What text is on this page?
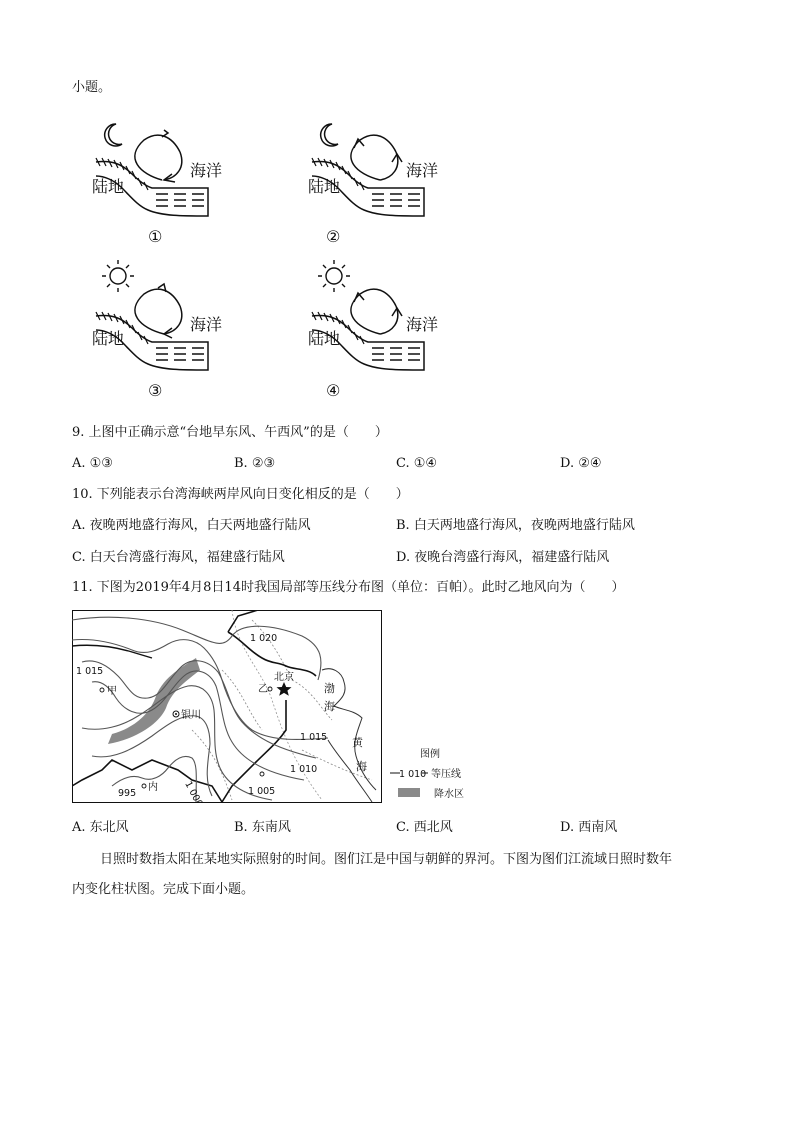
小题。
陆地
海洋
①
陆地
海洋
②
陆地
海洋
③
陆地
海洋
④
9. 上图中正确示意“台地早东风、午西风”的是（　　）
A. ①③	B. ②③	C. ①④	D. ②④
10. 下列能表示台湾海峡两岸风向日变化相反的是（　　）
A. 夜晚两地盛行海风，白天两地盛行陆风	B. 白天两地盛行海风，夜晚两地盛行陆风
C. 白天台湾盛行海风，福建盛行陆风	D. 夜晚台湾盛行海风，福建盛行陆风
11. 下图为2019年4月8日14时我国局部等压线分布图（单位：百帕）。此时乙地风向为（　　）
1 020
1 015
1 015
1 010
1 005
1 000
995
北京
乙
甲
银川
内
渤
海
黄
海
图例
1 010 等压线
降水区
A. 东北风	B. 东南风	C. 西北风	D. 西南风
日照时数指太阳在某地实际照射的时间。图们江是中国与朝鲜的界河。下图为图们江流域日照时数年
内变化柱状图。完成下面小题。
